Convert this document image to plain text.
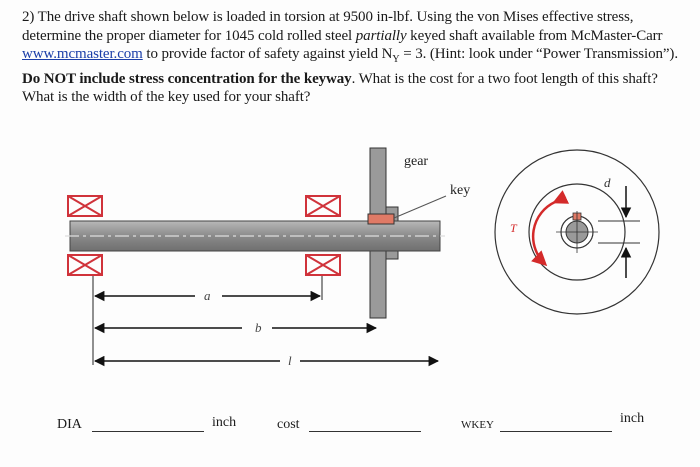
2) The drive shaft shown below is loaded in torsion at 9500 in-lbf. Using the von Mises effective stress, determine the proper diameter for 1045 cold rolled steel partially keyed shaft available from McMaster-Carr www.mcmaster.com to provide factor of safety against yield $N_Y = 3$. (Hint: look under “Power Transmission”). Do NOT include stress concentration for the keyway. What is the cost for a two foot length of this shaft? What is the width of the key used for your shaft?
gear
key
a
b
l
d
T
DIA	inch	cost	WKEY	inch
